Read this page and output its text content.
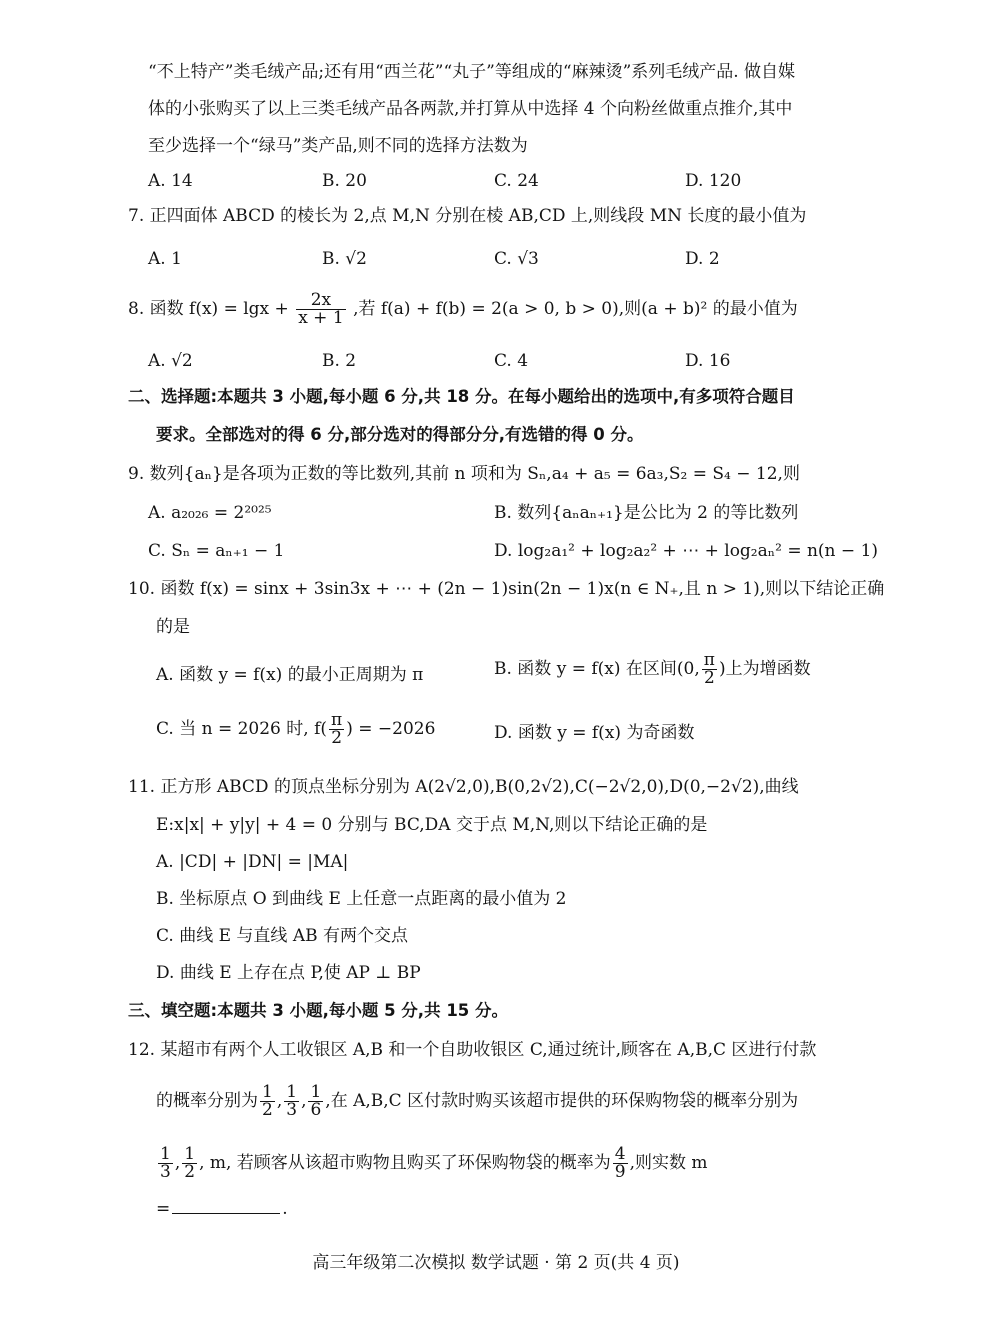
“不上特产”类毛绒产品;还有用“西兰花”“丸子”等组成的“麻辣烫”系列毛绒产品. 做自媒
体的小张购买了以上三类毛绒产品各两款,并打算从中选择 4 个向粉丝做重点推介,其中
至少选择一个“绿马”类产品,则不同的选择方法数为
A. 14	B. 20	C. 24	D. 120
7. 正四面体 ABCD 的棱长为 2,点 M,N 分别在棱 AB,CD 上,则线段 MN 长度的最小值为
A. 1	B. √2	C. √3	D. 2
8. 函数 $f(x) = \lg x + \frac{2x}{x + 1}$ ,若 f(a) + f(b) = 2(a > 0, b > 0),则(a + b)² 的最小值为
A. √2	B. 2	C. 4	D. 16
二、选择题:本题共 3 小题,每小题 6 分,共 18 分。在每小题给出的选项中,有多项符合题目
要求。全部选对的得 6 分,部分选对的得部分分,有选错的得 0 分。
9. 数列{aₙ}是各项为正数的等比数列,其前 n 项和为 Sₙ,a₄ + a₅ = 6a₃,S₂ = S₄ − 12,则
A. a₂₀₂₆ = 2²⁰²⁵	B. 数列{aₙaₙ₊₁}是公比为 2 的等比数列
C. Sₙ = aₙ₊₁ − 1	D. log₂a₁² + log₂a₂² + ⋯ + log₂aₙ² = n(n − 1)
10. 函数 f(x) = sinx + 3sin3x + ⋯ + (2n − 1)sin(2n − 1)x(n ∈ N₊,且 n > 1),则以下结论正确
的是
A. 函数 y = f(x) 的最小正周期为 π	B. 函数 y = f(x) 在区间(0, $\frac{\pi}{2}$ )上为增函数
C. 当 n = 2026 时, $f( \frac{\pi}{2}$ ) = −2026	D. 函数 y = f(x) 为奇函数
11. 正方形 ABCD 的顶点坐标分别为 A(2√2,0),B(0,2√2),C(−2√2,0),D(0,−2√2),曲线
E:x|x| + y|y| + 4 = 0 分别与 BC,DA 交于点 M,N,则以下结论正确的是
A. |CD| + |DN| = |MA|
B. 坐标原点 O 到曲线 E 上任意一点距离的最小值为 2
C. 曲线 E 与直线 AB 有两个交点
D. 曲线 E 上存在点 P,使 AP ⊥ BP
三、填空题:本题共 3 小题,每小题 5 分,共 15 分。
12. 某超市有两个人工收银区 A,B 和一个自助收银区 C,通过统计,顾客在 A,B,C 区进行付款
的概率分别为 $\frac{1}{2}$ , $\frac{1}{3}$ , $\frac{1}{6}$ ,在 A,B,C 区付款时购买该超市提供的环保购物袋的概率分别为
$\frac{1}{3}$ , $\frac{1}{2}$ , m, 若顾客从该超市购物且购买了环保购物袋的概率为 $\frac{4}{9}$ ,则实数 m
=	.
高三年级第二次模拟 数学试题 · 第 2 页(共 4 页)
